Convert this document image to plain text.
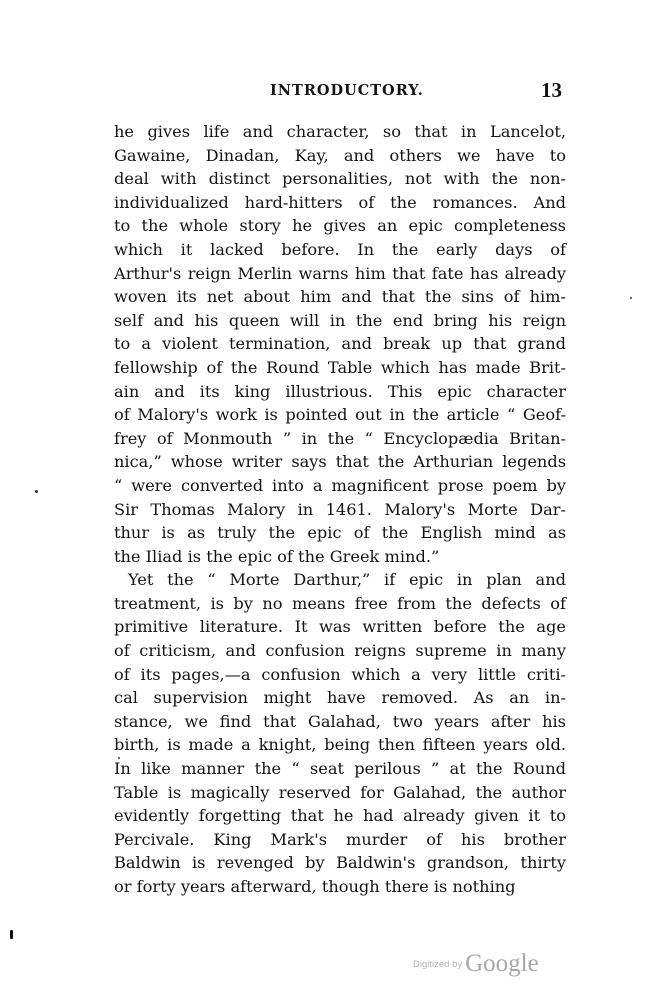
INTRODUCTORY.	13
he gives life and character, so that in Lancelot,
Gawaine, Dinadan, Kay, and others we have to
deal with distinct personalities, not with the non-
individualized hard-hitters of the romances. And
to the whole story he gives an epic completeness
which it lacked before. In the early days of
Arthur's reign Merlin warns him that fate has already
woven its net about him and that the sins of him-
self and his queen will in the end bring his reign
to a violent termination, and break up that grand
fellowship of the Round Table which has made Brit-
ain and its king illustrious. This epic character
of Malory's work is pointed out in the article “ Geof-
frey of Monmouth ” in the “ Encyclopædia Britan-
nica,” whose writer says that the Arthurian legends
“ were converted into a magnificent prose poem by
Sir Thomas Malory in 1461. Malory's Morte Dar-
thur is as truly the epic of the English mind as
the Iliad is the epic of the Greek mind.”
Yet the “ Morte Darthur,” if epic in plan and
treatment, is by no means free from the defects of
primitive literature. It was written before the age
of criticism, and confusion reigns supreme in many
of its pages,—a confusion which a very little criti-
cal supervision might have removed. As an in-
stance, we find that Galahad, two years after his
birth, is made a knight, being then fifteen years old.
In like manner the “ seat perilous ” at the Round
Table is magically reserved for Galahad, the author
evidently forgetting that he had already given it to
Percivale. King Mark's murder of his brother
Baldwin is revenged by Baldwin's grandson, thirty
or forty years afterward, though there is nothing
$^{Digitized by}$ Google
